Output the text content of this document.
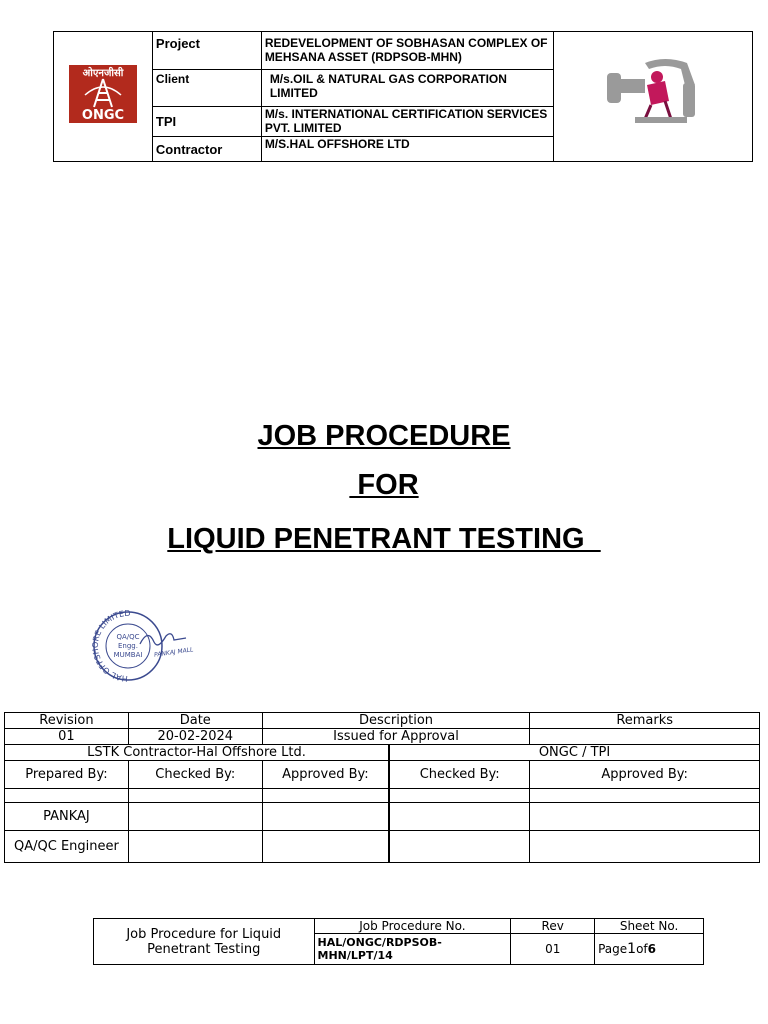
ओएनजीसी
ONGC	Project	REDEVELOPMENT OF SOBHASAN COMPLEX OF MEHSANA ASSET (RDPSOB-MHN)	
	Client	M/s.OIL & NATURAL GAS CORPORATION LIMITED	
	TPI	M/s. INTERNATIONAL CERTIFICATION SERVICES PVT. LIMITED	
	Contractor	M/S.HAL OFFSHORE LTD	
JOB PROCEDURE
FOR
LIQUID PENETRANT TESTING
HAL OFFSHORE LIMITED
QA/QC
Engg.
MUMBAI PANKAJ MALL
Revision	Date	Description		Remarks
01	20-02-2024	Issued for Approval		
LSTK Contractor-Hal Offshore Ltd.			ONGC / TPI	
Prepared By:	Checked By:	Approved By:	Checked By:	Approved By:

PANKAJ				
QA/QC Engineer				
Job Procedure for Liquid Penetrant Testing	Job Procedure No.	Rev	Sheet No.
	HAL/ONGC/RDPSOB-MHN/LPT/14	01	Page1of6
